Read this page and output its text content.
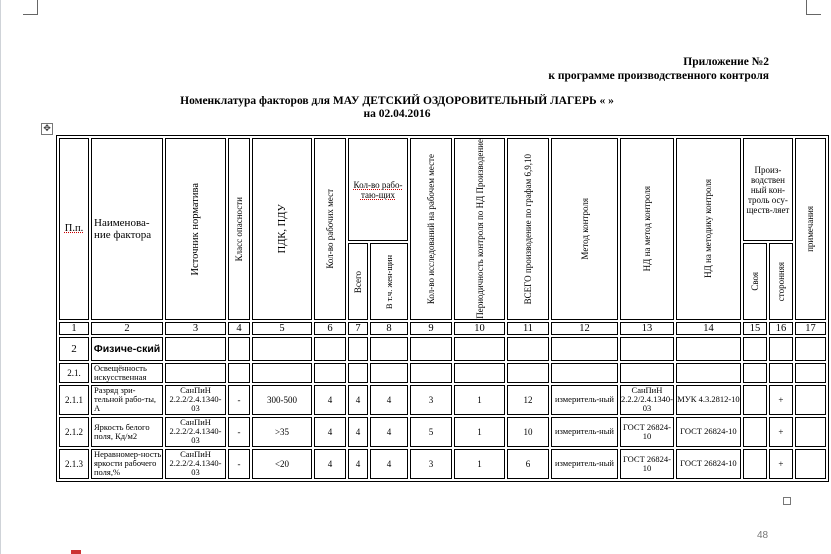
Приложение №2
к программе производственного контроля
Номенклатура факторов для МАУ ДЕТСКИЙ ОЗДОРОВИТЕЛЬНЫЙ ЛАГЕРЬ « »
на 02.04.2016
✥
П.п.	Наименова-ние фактора	Источник норматива	Класс опасности	ПДК, ПДУ	Кол-во рабочих мест	Кол-во рабо-таю-щих		Кол-во исследований на рабочем месте	Периодичность контроля по НД Производение	ВСЕГО производение по графам 6,9,10	Метод контроля	НД на метод контроля	НД на методику контроля	Произ-водствен ный кон-троль осу-ществ-ляет		примечания

						Всего	В т.ч. жен-щин							Своя	сторонняя	

1	2	3	4	5	6	7	8	9	10	11	12	13	14	15	16	17
2	Физиче-ский															
2.1.	Освещённость искусственная															
2.1.1	Разряд зри-тельной рабо-ты, А	СанПиН 2.2.2/2.4.1340-03	-	300-500	4	4	4	3	1	12	измеритель-ный	СанПиН 2.2.2/2.4.1340-03	МУК 4.3.2812-10		+	
2.1.2	Яркость белого поля, Кд/м2	СанПиН 2.2.2/2.4.1340-03	-	>35	4	4	4	5	1	10	измеритель-ный	ГОСТ 26824-10	ГОСТ 26824-10		+	
2.1.3	Неравномер-ность яркости рабочего поля,%	СанПиН 2.2.2/2.4.1340-03	-	<20	4	4	4	3	1	6	измеритель-ный	ГОСТ 26824-10	ГОСТ 26824-10		+	
48
